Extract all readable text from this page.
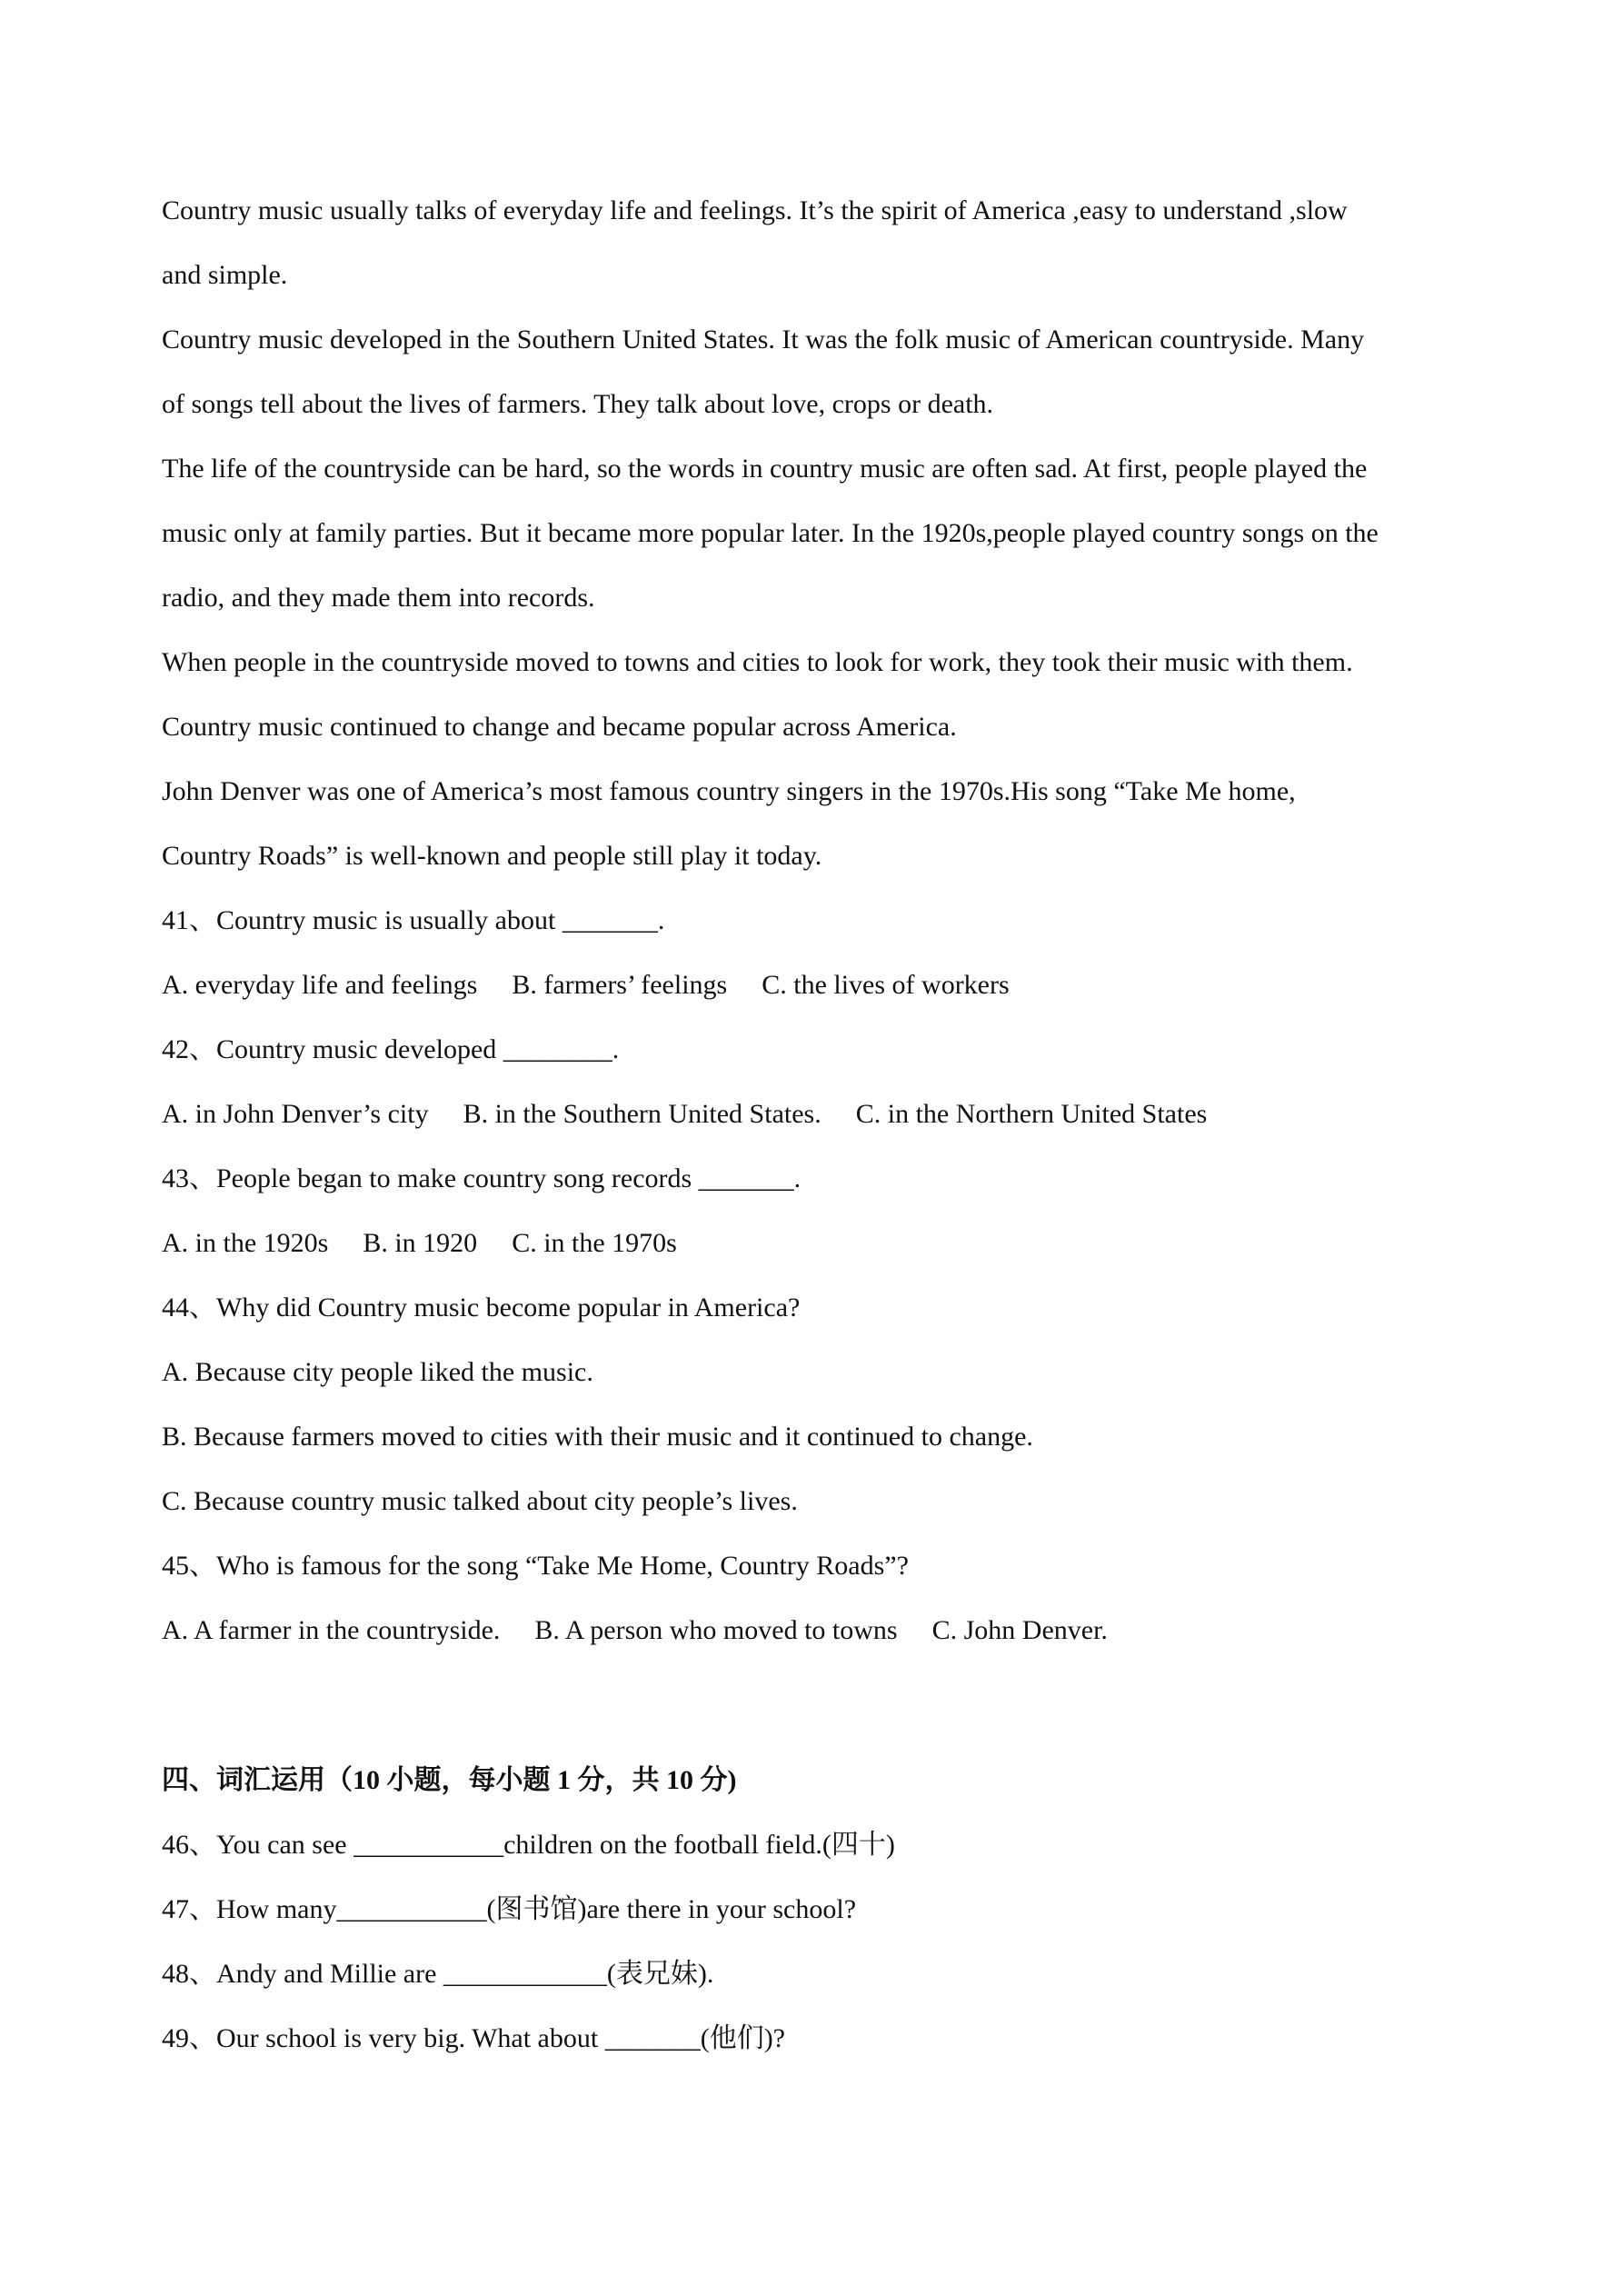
Country music usually talks of everyday life and feelings. It’s the spirit of America ,easy to understand ,slow
and simple.
Country music developed in the Southern United States. It was the folk music of American countryside. Many
of songs tell about the lives of farmers. They talk about love, crops or death.
The life of the countryside can be hard, so the words in country music are often sad. At first, people played the
music only at family parties. But it became more popular later. In the 1920s,people played country songs on the
radio, and they made them into records.
When people in the countryside moved to towns and cities to look for work, they took their music with them.
Country music continued to change and became popular across America.
John Denver was one of America’s most famous country singers in the 1970s.His song “Take Me home,
Country Roads” is well-known and people still play it today.
41、Country music is usually about _______.
A. everyday life and feelings B. farmers’ feelings C. the lives of workers
42、Country music developed ________.
A. in John Denver’s city B. in the Southern United States. C. in the Northern United States
43、People began to make country song records _______.
A. in the 1920s B. in 1920 C. in the 1970s
44、Why did Country music become popular in America?
A. Because city people liked the music.
B. Because farmers moved to cities with their music and it continued to change.
C. Because country music talked about city people’s lives.
45、Who is famous for the song “Take Me Home, Country Roads”?
A. A farmer in the countryside. B. A person who moved to towns C. John Denver.
四、词汇运用（10 小题，每小题 1 分，共 10 分)
46、You can see ___________children on the football field.(四十)
47、How many___________(图书馆)are there in your school?
48、Andy and Millie are ____________(表兄妹).
49、Our school is very big. What about _______(他们)?
